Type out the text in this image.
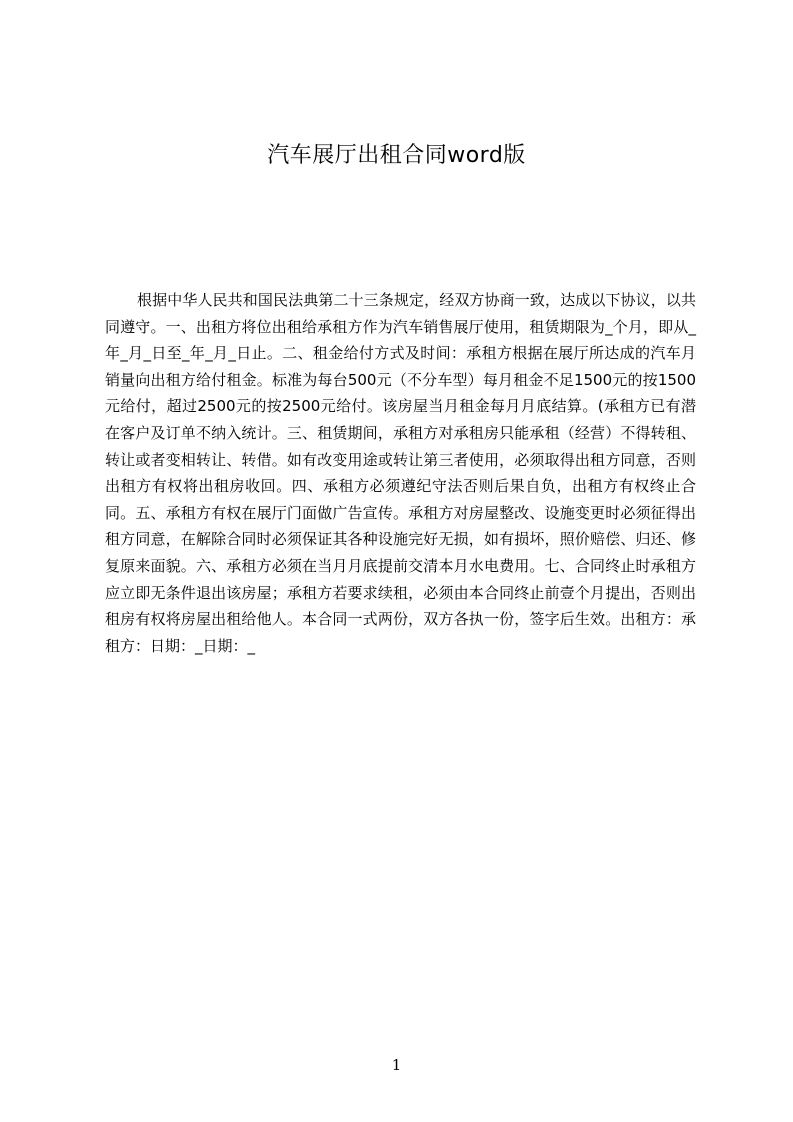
汽车展厅出租合同word版

根据中华人民共和国民法典第二十三条规定，经双方协商一致，达成以下协议，以共同遵守。一、出租方将位出租给承租方作为汽车销售展厅使用，租赁期限为_个月，即从_年_月_日至_年_月_日止。二、租金给付方式及时间：承租方根据在展厅所达成的汽车月销量向出租方给付租金。标准为每台500元（不分车型）每月租金不足1500元的按1500元给付，超过2500元的按2500元给付。该房屋当月租金每月月底结算。(承租方已有潜在客户及订单不纳入统计。三、租赁期间，承租方对承租房只能承租（经营）不得转租、转让或者变相转让、转借。如有改变用途或转让第三者使用，必须取得出租方同意，否则出租方有权将出租房收回。四、承租方必须遵纪守法否则后果自负，出租方有权终止合同。五、承租方有权在展厅门面做广告宣传。承租方对房屋整改、设施变更时必须征得出租方同意，在解除合同时必须保证其各种设施完好无损，如有损坏，照价赔偿、归还、修复原来面貌。六、承租方必须在当月月底提前交清本月水电费用。七、合同终止时承租方应立即无条件退出该房屋；承租方若要求续租，必须由本合同终止前壹个月提出，否则出租房有权将房屋出租给他人。本合同一式两份，双方各执一份，签字后生效。出租方：承租方：日期：_日期：_

1
